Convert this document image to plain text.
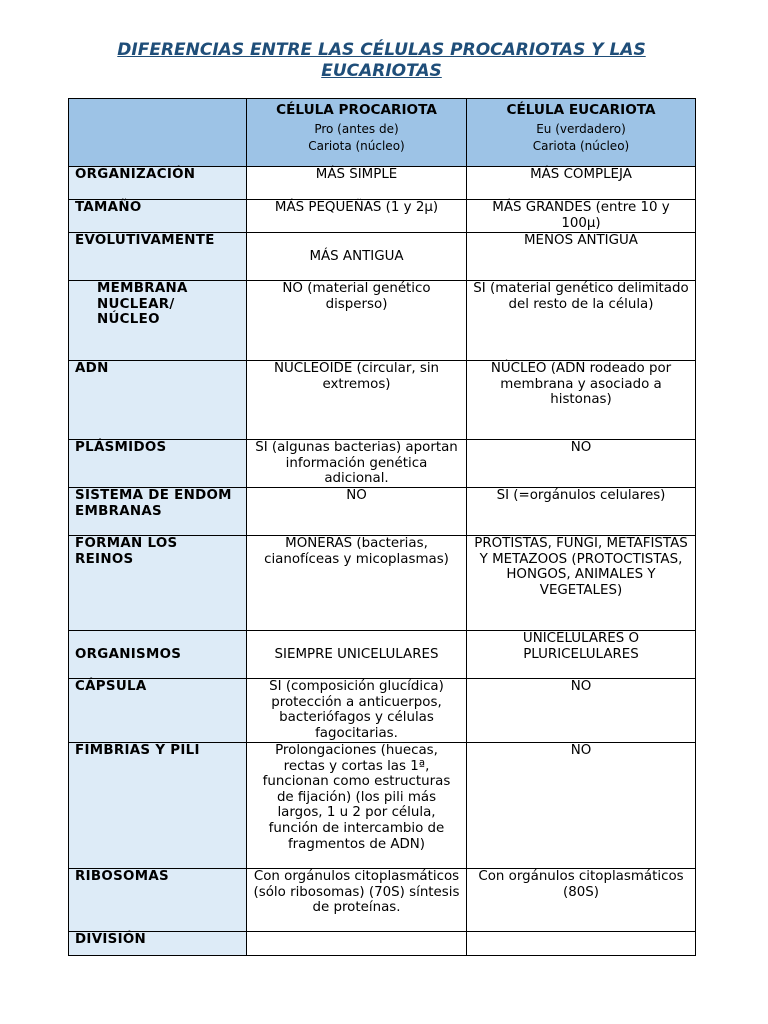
DIFERENCIAS ENTRE LAS CÉLULAS PROCARIOTAS Y LAS
EUCARIOTAS

	CÉLULA PROCARIOTA
Pro (antes de)
Cariota (núcleo)	CÉLULA EUCARIOTA
Eu (verdadero)
Cariota (núcleo)

ORGANIZACIÓN	MÁS SIMPLE	MÁS COMPLEJA
TAMAÑO	MÁS PEQUEÑAS (1 y 2µ)	MÁS GRANDES (entre 10 y 100µ)
EVOLUTIVAMENTE	MÁS ANTIGUA	MENOS ANTIGUA
MEMBRANA NUCLEAR/ NÚCLEO	NO (material genético disperso)	SI (material genético delimitado del resto de la célula)
ADN	NUCLEOIDE (circular, sin extremos)	NÚCLEO (ADN rodeado por membrana y asociado a histonas)
PLÁSMIDOS	SI (algunas bacterias) aportan información genética adicional.	NO
SISTEMA DE ENDOMEMBRANAS	NO	SI (=orgánulos celulares)
FORMAN LOS REINOS	MONERAS (bacterias, cianofíceas y micoplasmas)	PROTISTAS, FUNGI, METAFISTAS Y METAZOOS (PROTOCTISTAS, HONGOS, ANIMALES Y VEGETALES)
ORGANISMOS	SIEMPRE UNICELULARES	UNICELULARES O PLURICELULARES
CÁPSULA	SI (composición glucídica) protección a anticuerpos, bacteriófagos y células fagocitarias.	NO
FIMBRIAS Y PILI	Prolongaciones (huecas, rectas y cortas las 1ª, funcionan como estructuras de fijación) (los pili más largos, 1 u 2 por célula, función de intercambio de fragmentos de ADN)	NO
RIBOSOMAS	Con orgánulos citoplasmáticos (sólo ribosomas) (70S) síntesis de proteínas.	Con orgánulos citoplasmáticos (80S)
DIVISIÓN		
